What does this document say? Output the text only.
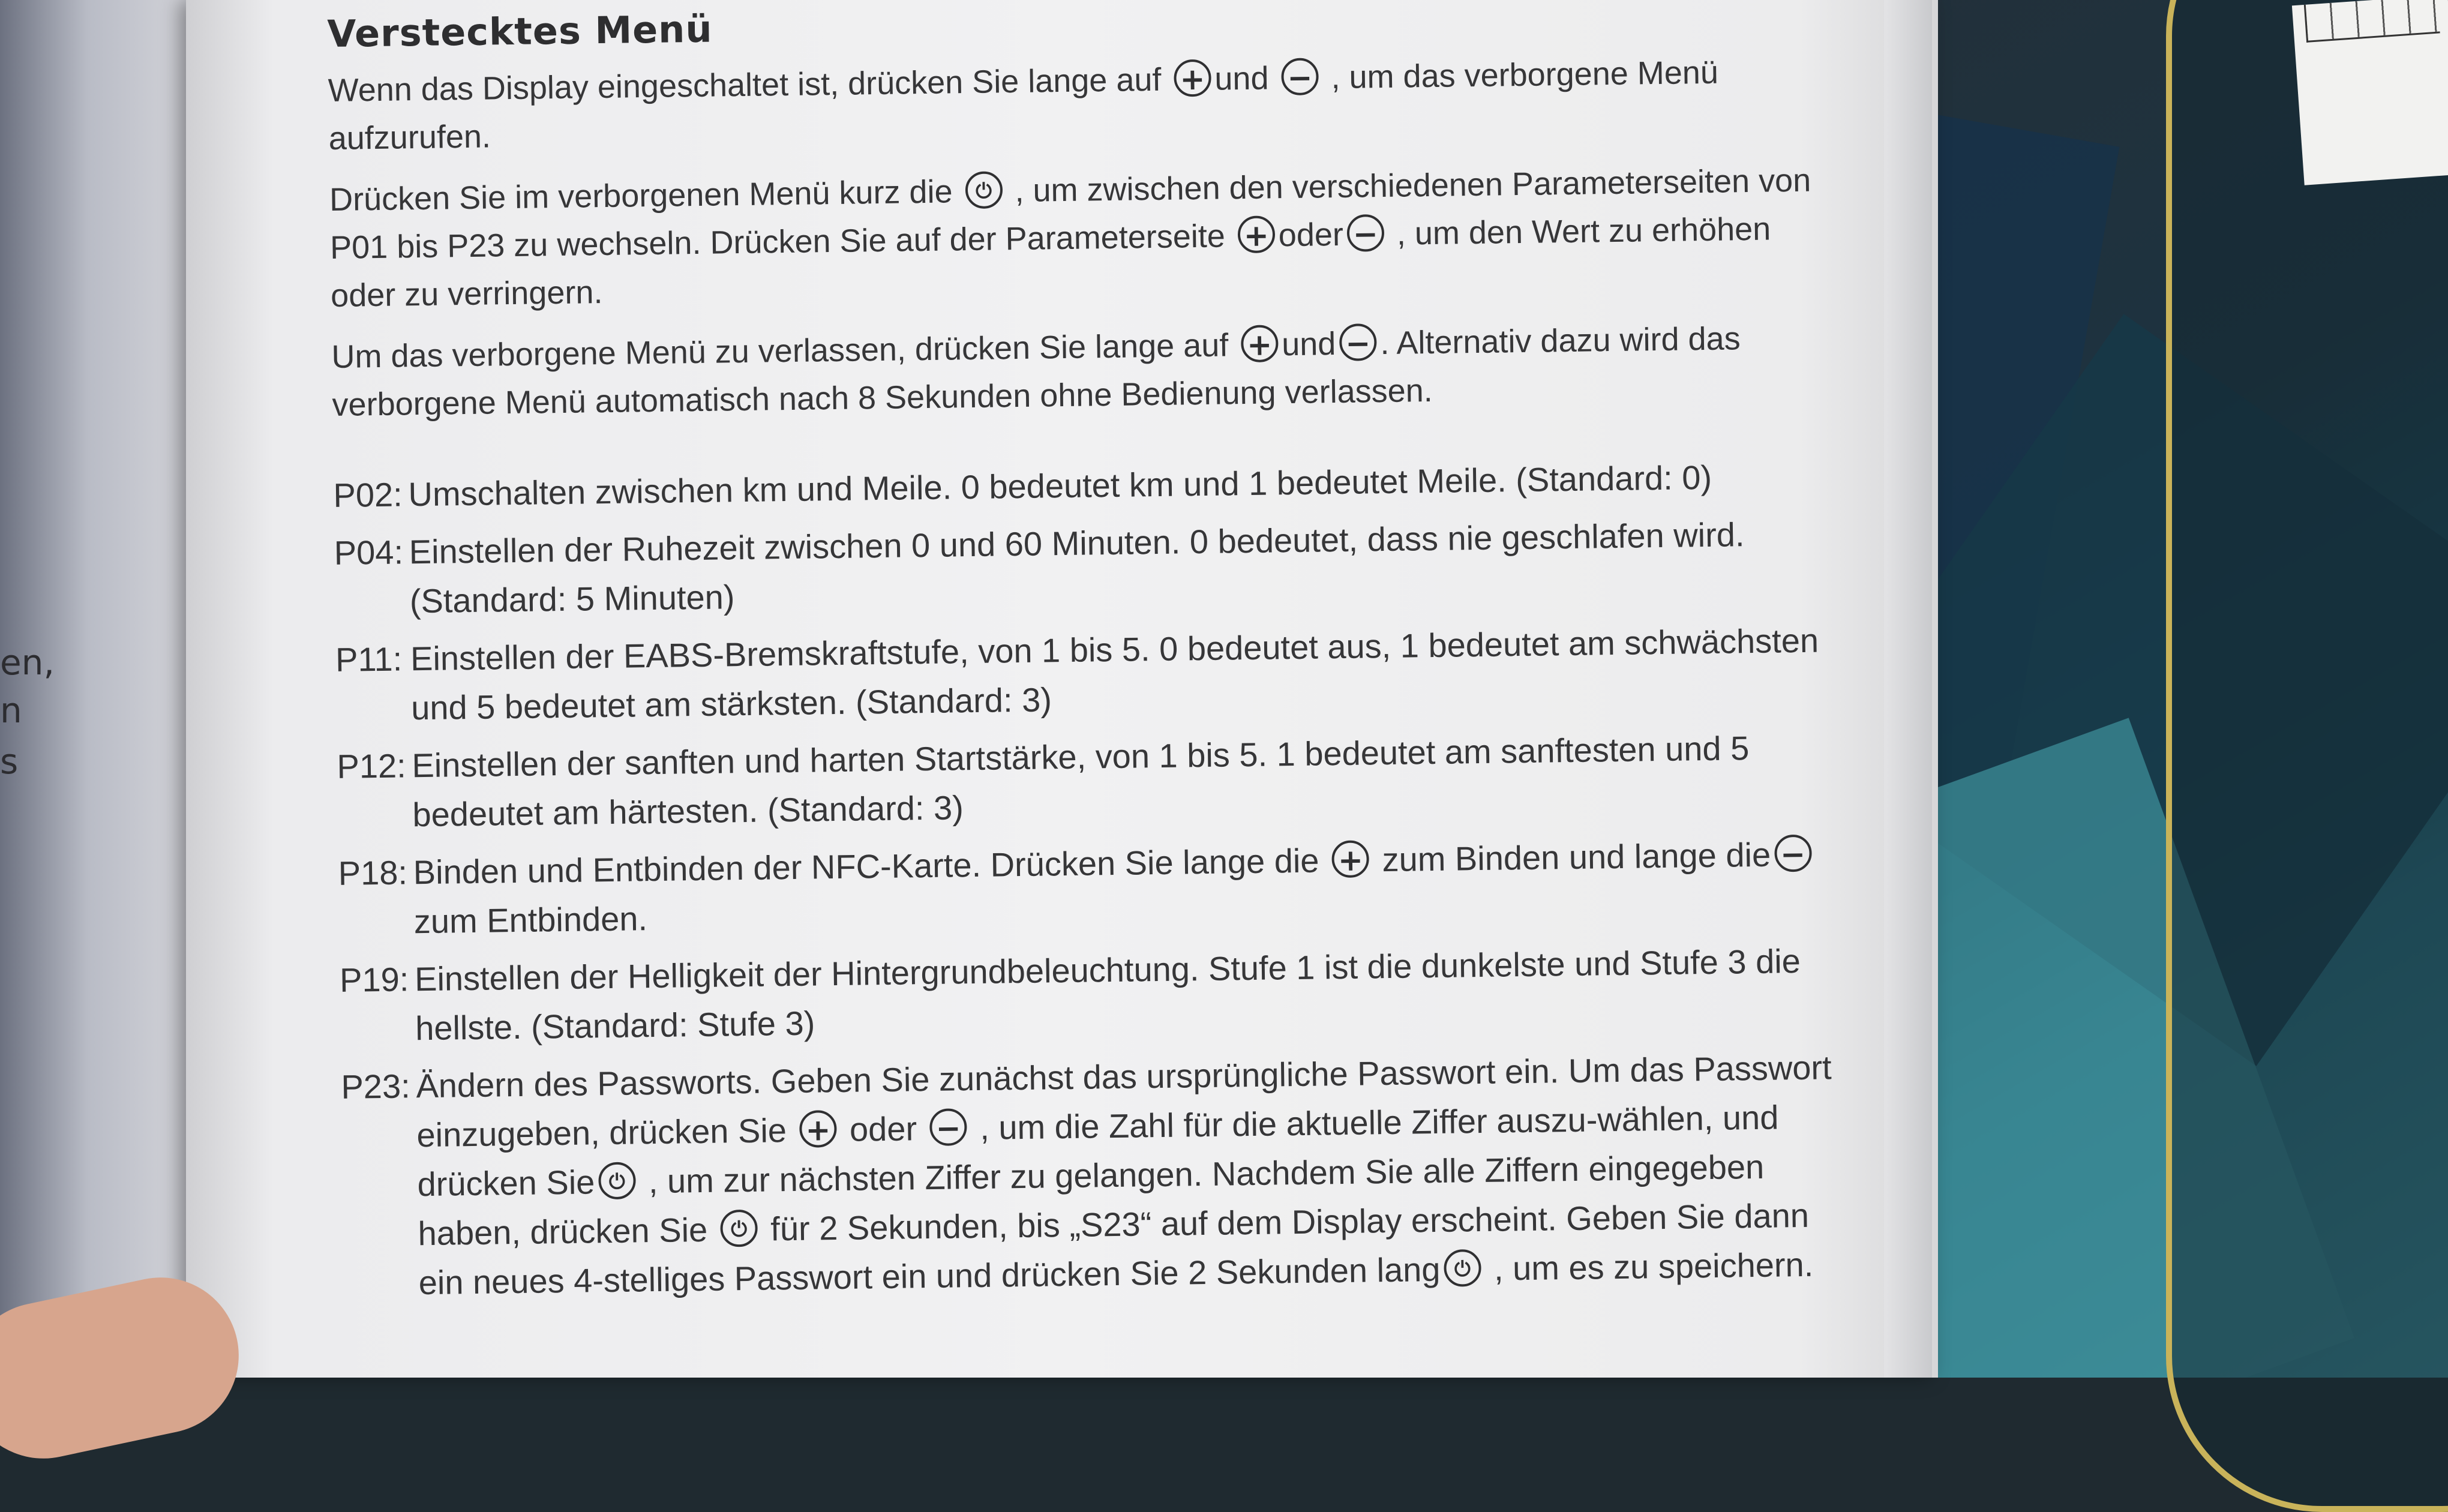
en,
n
s
Verstecktes Menü

Wenn das Display eingeschaltet ist, drücken Sie lange auf + und − , um das verborgene Menü aufzurufen.

Drücken Sie im verborgenen Menü kurz die ⏻ , um zwischen den verschiedenen Parameterseiten von P01 bis P23 zu wechseln. Drücken Sie auf der Parameterseite + oder − , um den Wert zu erhöhen oder zu verringern.

Um das verborgene Menü zu verlassen, drücken Sie lange auf + und − . Alternativ dazu wird das verborgene Menü automatisch nach 8 Sekunden ohne Bedienung verlassen.

P02: Umschalten zwischen km und Meile. 0 bedeutet km und 1 bedeutet Meile. (Standard: 0)
P04: Einstellen der Ruhezeit zwischen 0 und 60 Minuten. 0 bedeutet, dass nie geschlafen wird. (Standard: 5 Minuten)
P11: Einstellen der EABS-Bremskraftstufe, von 1 bis 5. 0 bedeutet aus, 1 bedeutet am schwächsten und 5 bedeutet am stärksten. (Standard: 3)
P12: Einstellen der sanften und harten Startstärke, von 1 bis 5. 1 bedeutet am sanftesten und 5 bedeutet am härtesten. (Standard: 3)
P18: Binden und Entbinden der NFC-Karte. Drücken Sie lange die + zum Binden und lange die − zum Entbinden.
P19: Einstellen der Helligkeit der Hintergrundbeleuchtung. Stufe 1 ist die dunkelste und Stufe 3 die hellste. (Standard: Stufe 3)
P23: Ändern des Passworts. Geben Sie zunächst das ursprüngliche Passwort ein. Um das Passwort einzugeben, drücken Sie + oder − , um die Zahl für die aktuelle Ziffer auszu-wählen, und drücken Sie ⏻ , um zur nächsten Ziffer zu gelangen. Nachdem Sie alle Ziffern eingegeben haben, drücken Sie ⏻ für 2 Sekunden, bis „S23“ auf dem Display erscheint. Geben Sie dann ein neues 4-stelliges Passwort ein und drücken Sie 2 Sekunden lang ⏻ , um es zu speichern.
